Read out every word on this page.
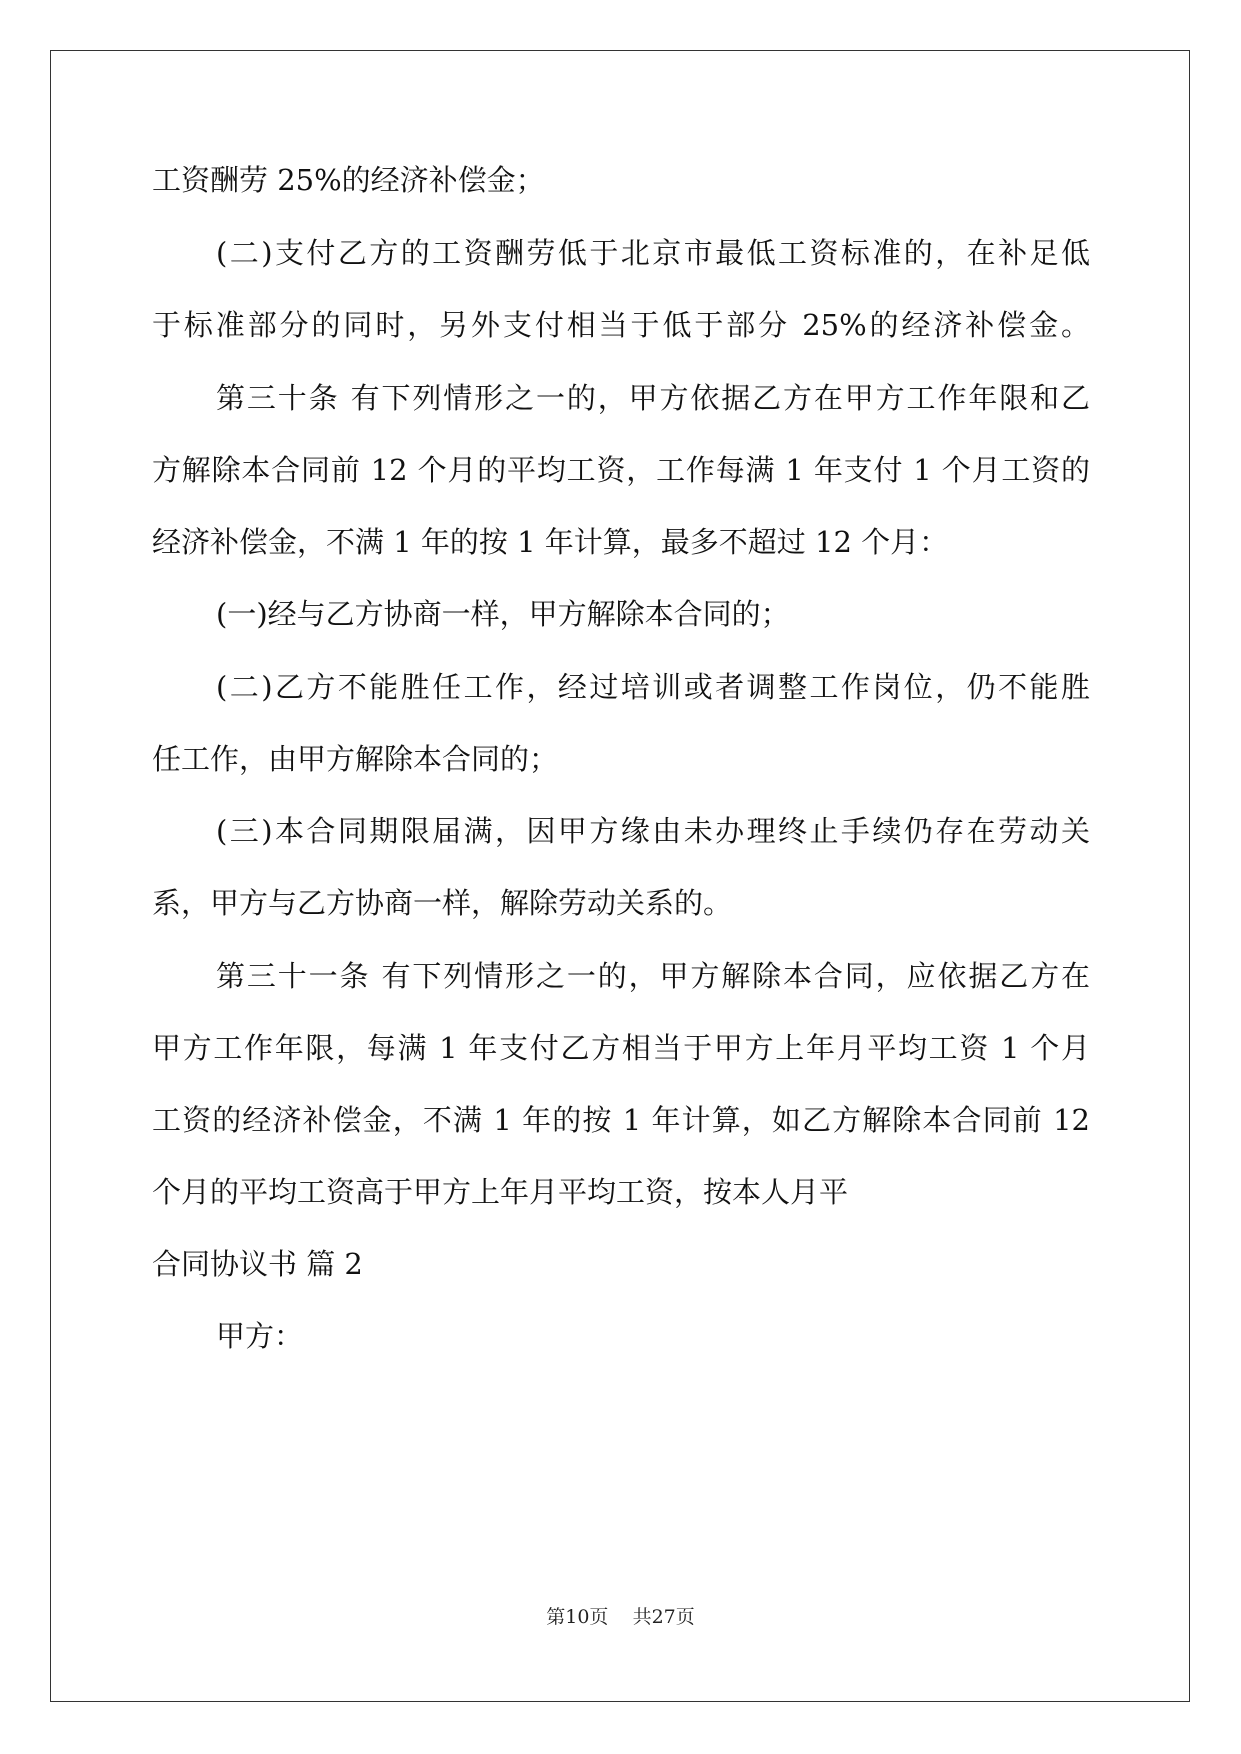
工资酬劳 25%的经济补偿金；
(二)支付乙方的工资酬劳低于北京市最低工资标准的，在补足低
于标准部分的同时，另外支付相当于低于部分 25%的经济补偿金。
第三十条 有下列情形之一的，甲方依据乙方在甲方工作年限和乙
方解除本合同前 12 个月的平均工资，工作每满 1 年支付 1 个月工资的
经济补偿金，不满 1 年的按 1 年计算，最多不超过 12 个月：
(一)经与乙方协商一样，甲方解除本合同的；
(二)乙方不能胜任工作，经过培训或者调整工作岗位，仍不能胜
任工作，由甲方解除本合同的；
(三)本合同期限届满，因甲方缘由未办理终止手续仍存在劳动关
系，甲方与乙方协商一样，解除劳动关系的。
第三十一条 有下列情形之一的，甲方解除本合同，应依据乙方在
甲方工作年限，每满 1 年支付乙方相当于甲方上年月平均工资 1 个月
工资的经济补偿金，不满 1 年的按 1 年计算，如乙方解除本合同前 12
个月的平均工资高于甲方上年月平均工资，按本人月平
合同协议书 篇 2
甲方：
第10页    共27页
